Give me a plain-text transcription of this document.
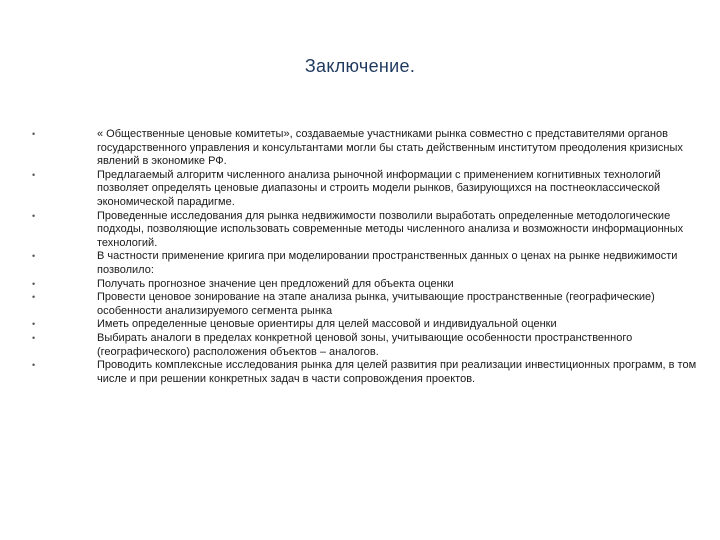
Заключение.
•	« Общественные ценовые комитеты», создаваемые участниками рынка совместно с представителями органов государственного управления и консультантами могли бы стать действенным институтом преодоления кризисных явлений в экономике РФ.
•	Предлагаемый алгоритм численного анализа рыночной информации с применением когнитивных технологий позволяет определять ценовые диапазоны и строить модели рынков, базирующихся на постнеоклассической экономической парадигме.
•	Проведенные исследования для рынка недвижимости позволили выработать определенные методологические подходы, позволяющие использовать современные методы численного анализа и возможности информационных технологий.
•	В частности применение кригига при моделировании пространственных данных о ценах на рынке недвижимости позволило:
•	Получать прогнозное значение цен предложений для объекта оценки
•	Провести ценовое зонирование на этапе анализа рынка, учитывающие пространственные (географические) особенности анализируемого сегмента рынка
•	Иметь определенные ценовые ориентиры для целей массовой и индивидуальной оценки
•	Выбирать аналоги в пределах конкретной ценовой зоны, учитывающие особенности пространственного (географического) расположения объектов – аналогов.
•	Проводить комплексные исследования рынка для целей развития при реализации инвестиционных программ, в том числе и при решении конкретных задач в части сопровождения проектов.
